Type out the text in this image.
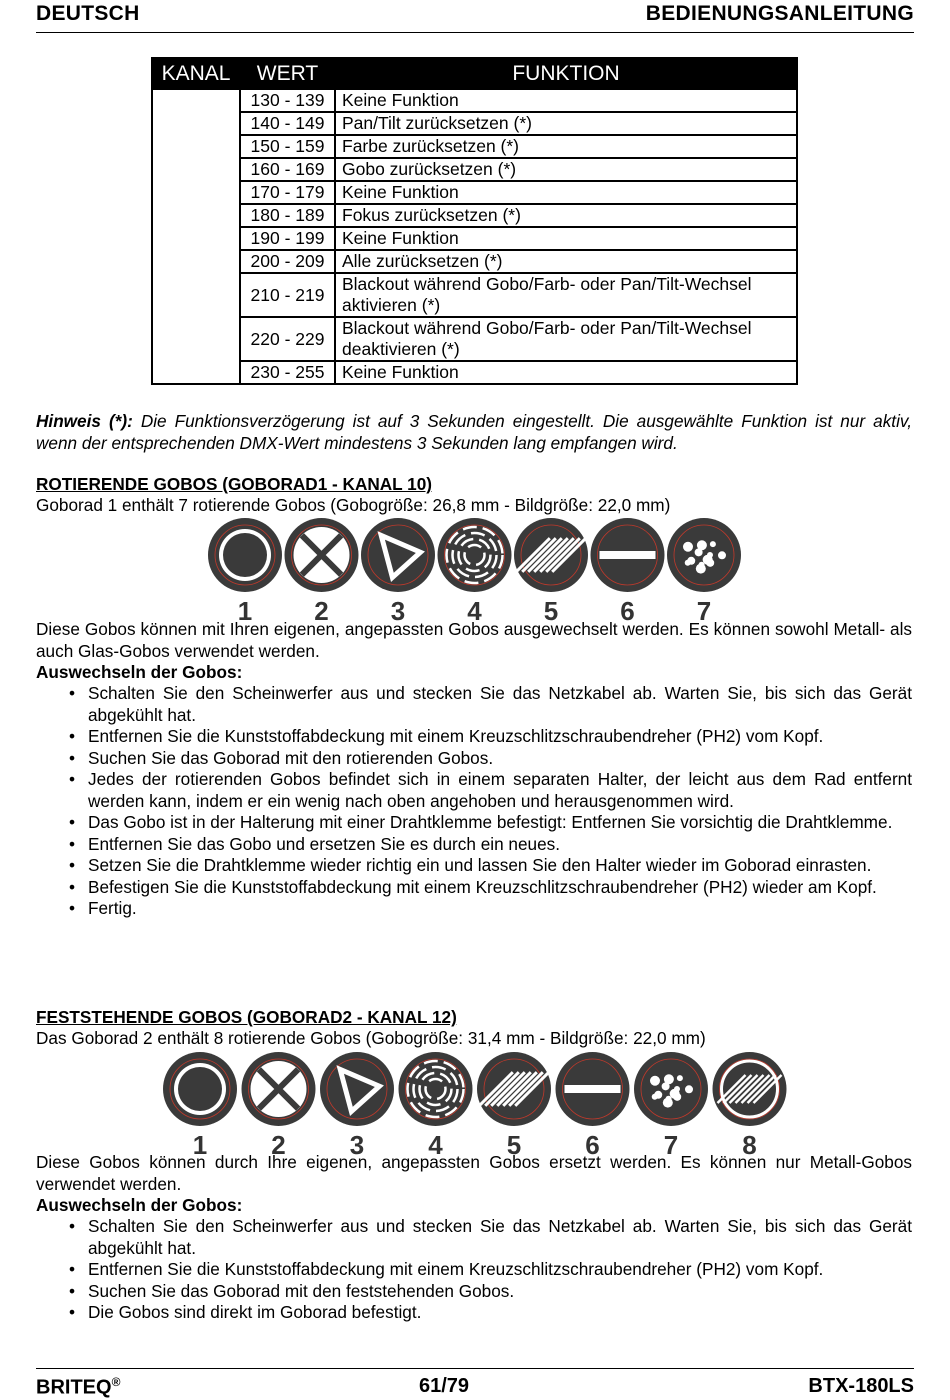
DEUTSCH	BEDIENUNGSANLEITUNG
KANAL	WERT	FUNKTION
	130 - 139	Keine Funktion
	140 - 149	Pan/Tilt zurücksetzen (*)
	150 - 159	Farbe zurücksetzen (*)
	160 - 169	Gobo zurücksetzen (*)
	170 - 179	Keine Funktion
	180 - 189	Fokus zurücksetzen (*)
	190 - 199	Keine Funktion
	200 - 209	Alle zurücksetzen (*)
	210 - 219	Blackout während Gobo/Farb- oder Pan/Tilt-Wechsel aktivieren (*)
	220 - 229	Blackout während Gobo/Farb- oder Pan/Tilt-Wechsel deaktivieren (*)
	230 - 255	Keine Funktion
Hinweis (*): Die Funktionsverzögerung ist auf 3 Sekunden eingestellt. Die ausgewählte Funktion ist nur aktiv, wenn der entsprechenden DMX-Wert mindestens 3 Sekunden lang empfangen wird.
ROTIERENDE GOBOS (GOBORAD1 - KANAL 10)
Goborad 1 enthält 7 rotierende Gobos (Gobogröße: 26,8 mm - Bildgröße: 22,0 mm)
1 2 3 4 5 6 7
Diese Gobos können mit Ihren eigenen, angepassten Gobos ausgewechselt werden. Es können sowohl Metall- als auch Glas-Gobos verwendet werden.
Auswechseln der Gobos:
• Schalten Sie den Scheinwerfer aus und stecken Sie das Netzkabel ab. Warten Sie, bis sich das Gerät abgekühlt hat.
• Entfernen Sie die Kunststoffabdeckung mit einem Kreuzschlitzschraubendreher (PH2) vom Kopf.
• Suchen Sie das Goborad mit den rotierenden Gobos.
• Jedes der rotierenden Gobos befindet sich in einem separaten Halter, der leicht aus dem Rad entfernt werden kann, indem er ein wenig nach oben angehoben und herausgenommen wird.
• Das Gobo ist in der Halterung mit einer Drahtklemme befestigt: Entfernen Sie vorsichtig die Drahtklemme.
• Entfernen Sie das Gobo und ersetzen Sie es durch ein neues.
• Setzen Sie die Drahtklemme wieder richtig ein und lassen Sie den Halter wieder im Goborad einrasten.
• Befestigen Sie die Kunststoffabdeckung mit einem Kreuzschlitzschraubendreher (PH2) wieder am Kopf.
• Fertig.
FESTSTEHENDE GOBOS (GOBORAD2 - KANAL 12)
Das Goborad 2 enthält 8 rotierende Gobos (Gobogröße: 31,4 mm - Bildgröße: 22,0 mm)
1 2 3 4 5 6 7 8
Diese Gobos können durch Ihre eigenen, angepassten Gobos ersetzt werden. Es können nur Metall-Gobos verwendet werden.
Auswechseln der Gobos:
• Schalten Sie den Scheinwerfer aus und stecken Sie das Netzkabel ab. Warten Sie, bis sich das Gerät abgekühlt hat.
• Entfernen Sie die Kunststoffabdeckung mit einem Kreuzschlitzschraubendreher (PH2) vom Kopf.
• Suchen Sie das Goborad mit den feststehenden Gobos.
• Die Gobos sind direkt im Goborad befestigt.
BRITEQ®	61/79	BTX-180LS
